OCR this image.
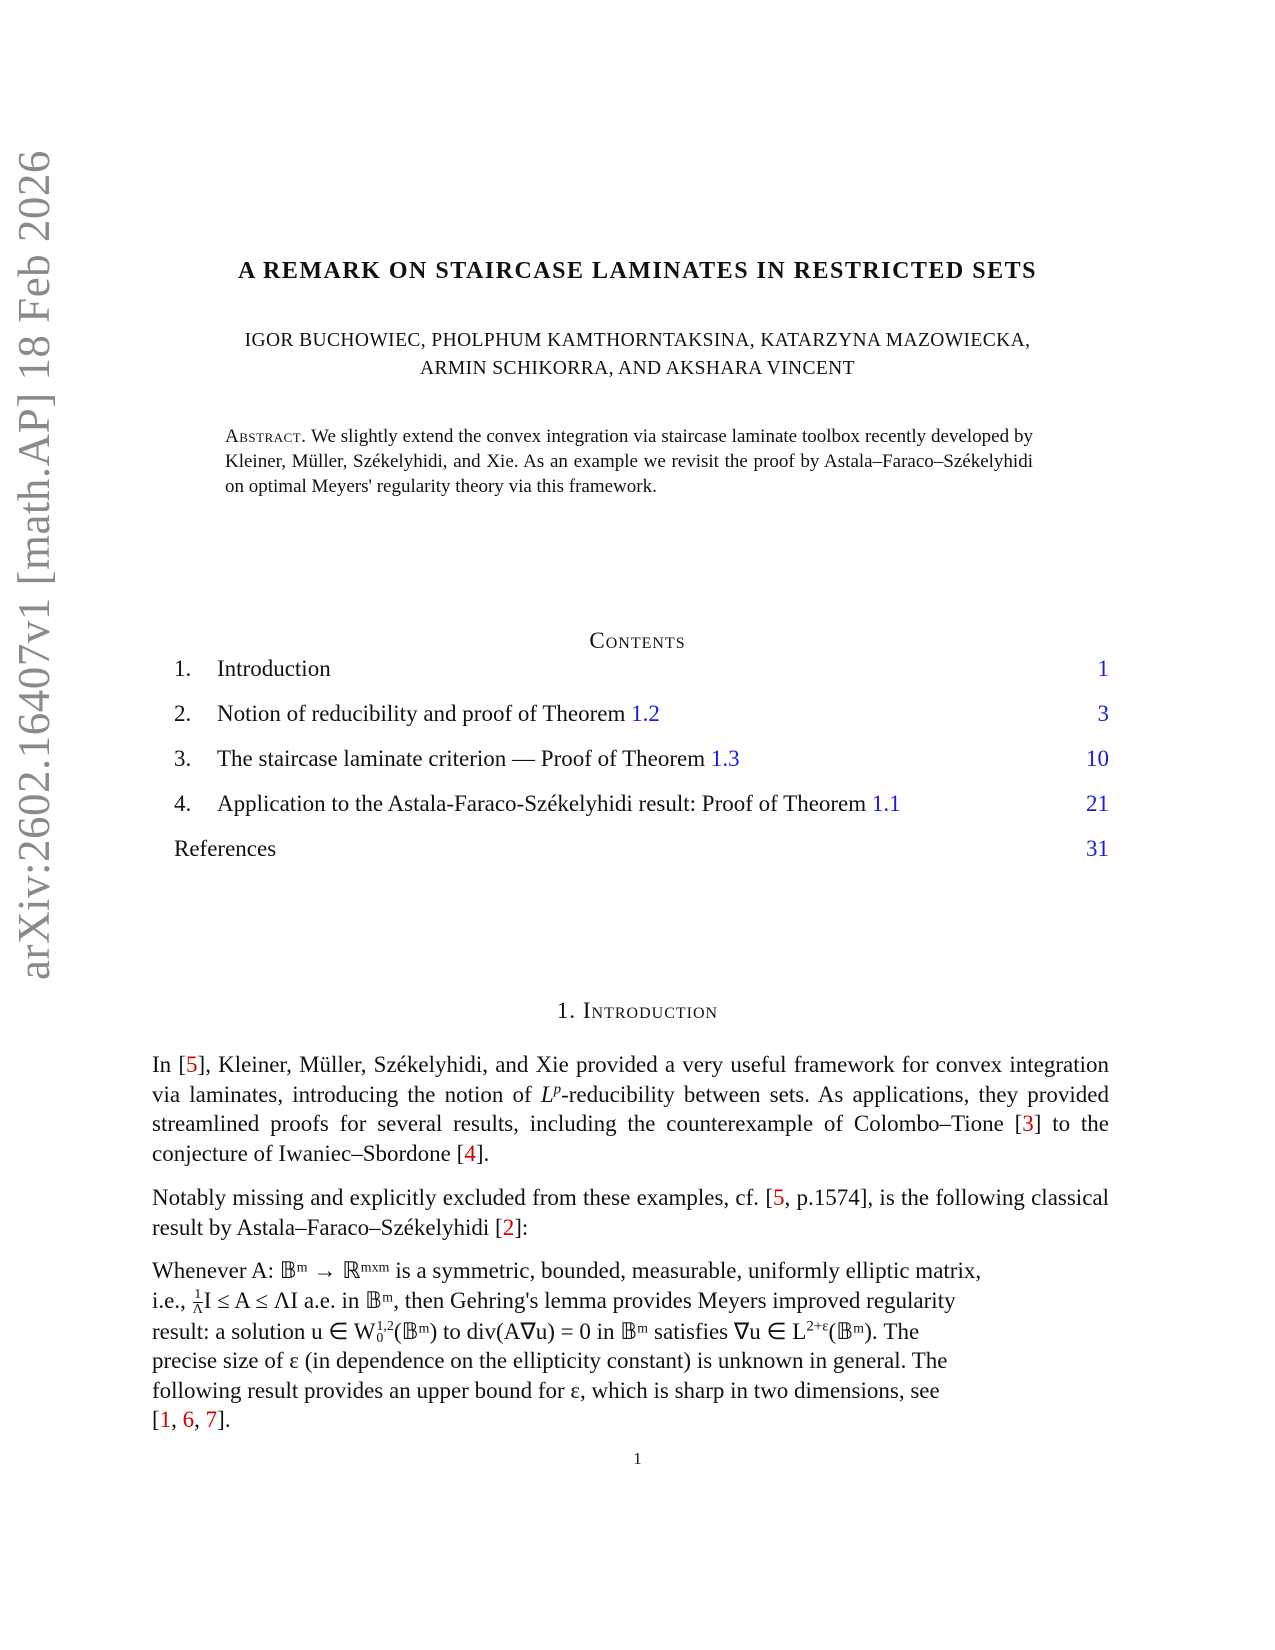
arXiv:2602.16407v1 [math.AP] 18 Feb 2026	A REMARK ON STAIRCASE LAMINATES IN RESTRICTED SETS
IGOR BUCHOWIEC, PHOLPHUM KAMTHORNTAKSINA, KATARZYNA MAZOWIECKA,
ARMIN SCHIKORRA, AND AKSHARA VINCENT
Abstract. We slightly extend the convex integration via staircase laminate toolbox recently developed by Kleiner, Müller, Székelyhidi, and Xie. As an example we revisit the proof by Astala–Faraco–Székelyhidi on optimal Meyers' regularity theory via this framework.
Contents
1. Introduction	1
2. Notion of reducibility and proof of Theorem 1.2	3
3. The staircase laminate criterion — Proof of Theorem 1.3	10
4. Application to the Astala-Faraco-Székelyhidi result: Proof of Theorem 1.1	21
References	31
1. Introduction
In [5], Kleiner, Müller, Székelyhidi, and Xie provided a very useful framework for convex integration via laminates, introducing the notion of $L^p$-reducibility between sets. As applications, they provided streamlined proofs for several results, including the counterexample of Colombo–Tione [3] to the conjecture of Iwaniec–Sbordone [4].
Notably missing and explicitly excluded from these examples, cf. [5, p.1574], is the following classical result by Astala–Faraco–Székelyhidi [2]:
Whenever A: 𝔹ᵐ → ℝᵐˣᵐ is a symmetric, bounded, measurable, uniformly elliptic matrix,
i.e., $\frac{1}{\Lambda}$ I ≤ A ≤ ΛI a.e. in 𝔹ᵐ, then Gehring's lemma provides Meyers improved regularity
result: a solution u ∈ W 1,2
0 (𝔹ᵐ) to div(A∇u) = 0 in 𝔹ᵐ satisfies ∇u ∈ $L^{2+\varepsilon}(𝔹ᵐ)$. The
precise size of ε (in dependence on the ellipticity constant) is unknown in general. The
following result provides an upper bound for ε, which is sharp in two dimensions, see
[1, 6, 7].
1
